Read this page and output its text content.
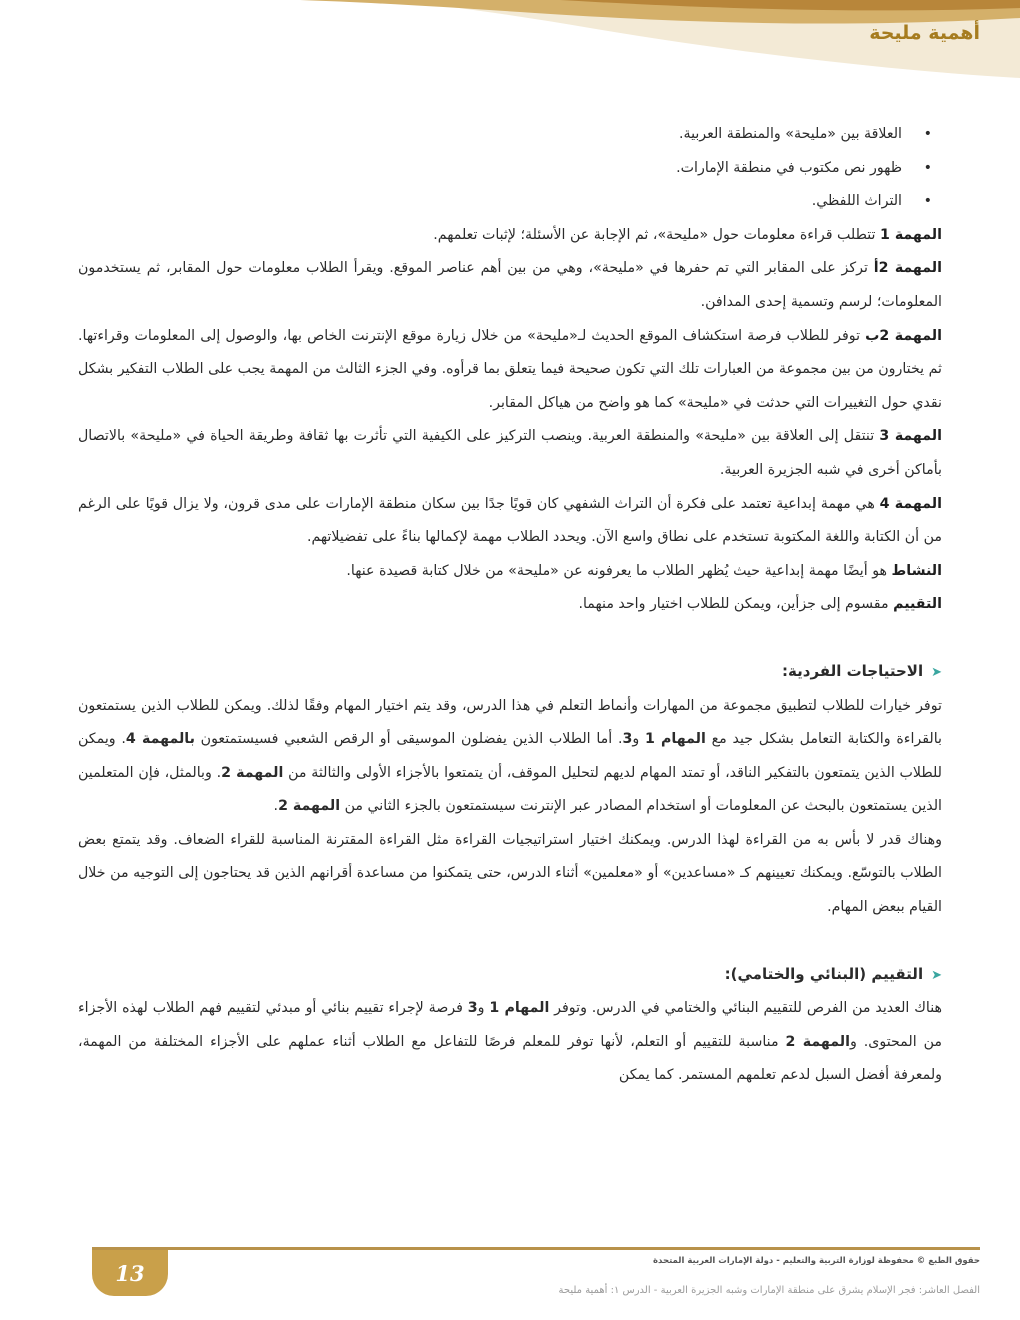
أهمية مليحة
• العلاقة بين «مليحة» والمنطقة العربية.
• ظهور نص مكتوب في منطقة الإمارات.
• التراث اللفظي.

المهمة 1 تتطلب قراءة معلومات حول «مليحة»، ثم الإجابة عن الأسئلة؛ لإثبات تعلمهم.

المهمة 2أ تركز على المقابر التي تم حفرها في «مليحة»، وهي من بين أهم عناصر الموقع. ويقرأ الطلاب معلومات حول المقابر، ثم يستخدمون المعلومات؛ لرسم وتسمية إحدى المدافن.

المهمة 2ب توفر للطلاب فرصة استكشاف الموقع الحديث لـ«مليحة» من خلال زيارة موقع الإنترنت الخاص بها، والوصول إلى المعلومات وقراءتها. ثم يختارون من بين مجموعة من العبارات تلك التي تكون صحيحة فيما يتعلق بما قرأوه. وفي الجزء الثالث من المهمة يجب على الطلاب التفكير بشكل نقدي حول التغييرات التي حدثت في «مليحة» كما هو واضح من هياكل المقابر.

المهمة 3 تنتقل إلى العلاقة بين «مليحة» والمنطقة العربية. وينصب التركيز على الكيفية التي تأثرت بها ثقافة وطريقة الحياة في «مليحة» بالاتصال بأماكن أخرى في شبه الجزيرة العربية.

المهمة 4 هي مهمة إبداعية تعتمد على فكرة أن التراث الشفهي كان قويًا جدًا بين سكان منطقة الإمارات على مدى قرون، ولا يزال قويًا على الرغم من أن الكتابة واللغة المكتوبة تستخدم على نطاق واسع الآن. ويحدد الطلاب مهمة لإكمالها بناءً على تفضيلاتهم.

النشاط هو أيضًا مهمة إبداعية حيث يُظهر الطلاب ما يعرفونه عن «مليحة» من خلال كتابة قصيدة عنها.

التقييم مقسوم إلى جزأين، ويمكن للطلاب اختيار واحد منهما.

➤الاحتياجات الفردية:

توفر خيارات للطلاب لتطبيق مجموعة من المهارات وأنماط التعلم في هذا الدرس، وقد يتم اختيار المهام وفقًا لذلك. ويمكن للطلاب الذين يستمتعون بالقراءة والكتابة التعامل بشكل جيد مع المهام 1 و3. أما الطلاب الذين يفضلون الموسيقى أو الرقص الشعبي فسيستمتعون بالمهمة 4. ويمكن للطلاب الذين يتمتعون بالتفكير الناقد، أو تمتد المهام لديهم لتحليل الموقف، أن يتمتعوا بالأجزاء الأولى والثالثة من المهمة 2. وبالمثل، فإن المتعلمين الذين يستمتعون بالبحث عن المعلومات أو استخدام المصادر عبر الإنترنت سيستمتعون بالجزء الثاني من المهمة 2.

وهناك قدر لا بأس به من القراءة لهذا الدرس. ويمكنك اختيار استراتيجيات القراءة مثل القراءة المقترنة المناسبة للقراء الضعاف. وقد يتمتع بعض الطلاب بالتوسّع. ويمكنك تعيينهم كـ «مساعدين» أو «معلمين» أثناء الدرس، حتى يتمكنوا من مساعدة أقرانهم الذين قد يحتاجون إلى التوجيه من خلال القيام ببعض المهام.

➤التقييم (البنائي والختامي):

هناك العديد من الفرص للتقييم البنائي والختامي في الدرس. وتوفر المهام 1 و3 فرصة لإجراء تقييم بنائي أو مبدئي لتقييم فهم الطلاب لهذه الأجزاء من المحتوى. والمهمة 2 مناسبة للتقييم أو التعلم، لأنها توفر للمعلم فرصًا للتفاعل مع الطلاب أثناء عملهم على الأجزاء المختلفة من المهمة، ولمعرفة أفضل السبل لدعم تعلمهم المستمر. كما يمكن

13	حقوق الطبع © محفوظة لوزارة التربية والتعليم - دولة الإمارات العربية المتحدة
الفصل العاشر: فجر الإسلام يشرق على منطقة الإمارات وشبه الجزيرة العربية - الدرس ١: أهمية مليحة
